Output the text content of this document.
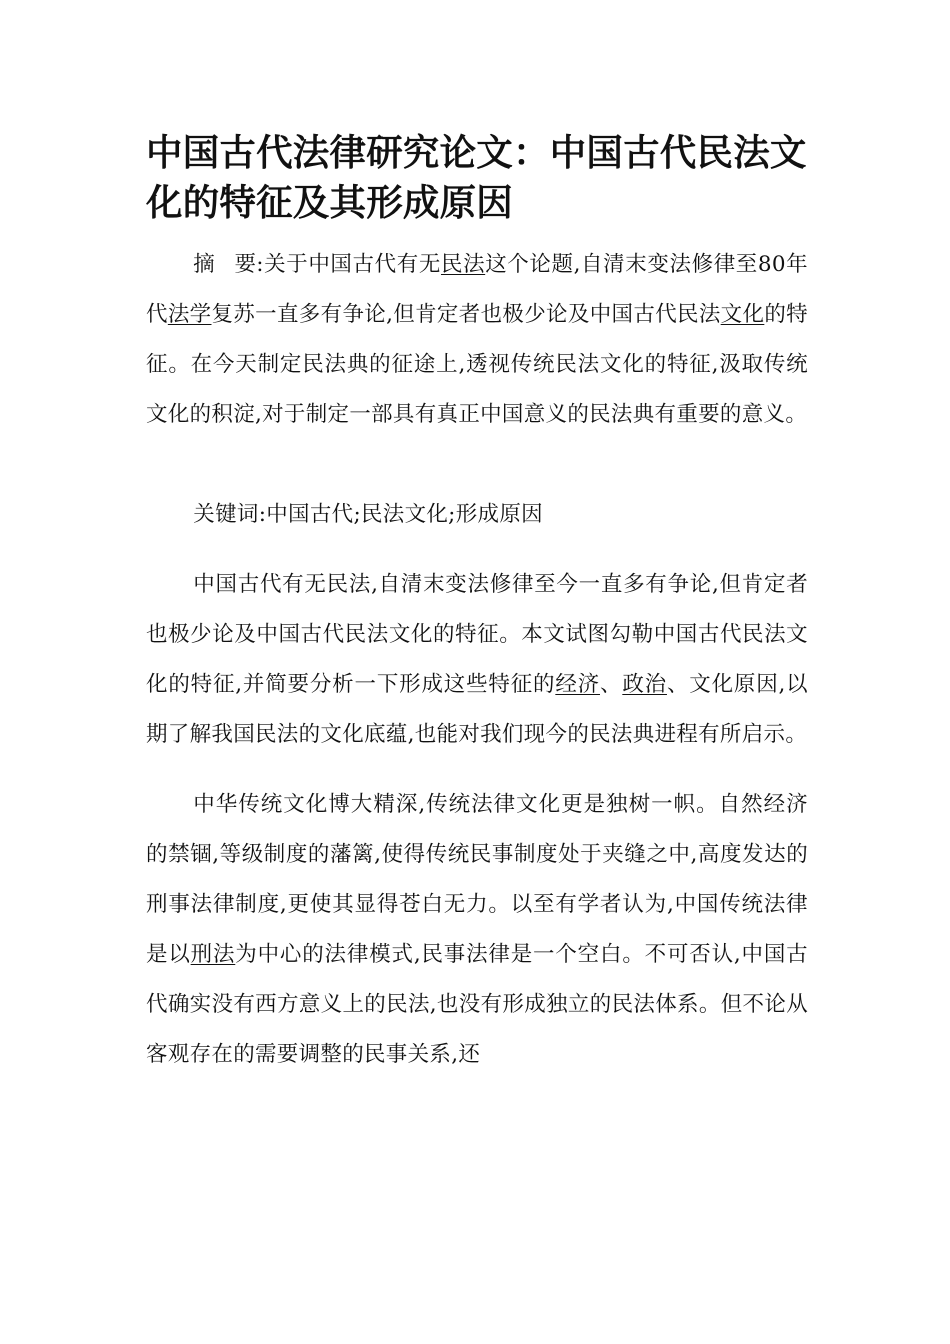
中国古代法律研究论文：中国古代民法文化的特征及其形成原因

摘要:关于中国古代有无民法这个论题,自清末变法修律至80年代法学复苏一直多有争论,但肯定者也极少论及中国古代民法文化的特征。在今天制定民法典的征途上,透视传统民法文化的特征,汲取传统文化的积淀,对于制定一部具有真正中国意义的民法典有重要的意义。

关键词:中国古代;民法文化;形成原因

中国古代有无民法,自清末变法修律至今一直多有争论,但肯定者也极少论及中国古代民法文化的特征。本文试图勾勒中国古代民法文化的特征,并简要分析一下形成这些特征的经济、政治、文化原因,以期了解我国民法的文化底蕴,也能对我们现今的民法典进程有所启示。

中华传统文化博大精深,传统法律文化更是独树一帜。自然经济的禁锢,等级制度的藩篱,使得传统民事制度处于夹缝之中,高度发达的刑事法律制度,更使其显得苍白无力。以至有学者认为,中国传统法律是以刑法为中心的法律模式,民事法律是一个空白。不可否认,中国古代确实没有西方意义上的民法,也没有形成独立的民法体系。但不论从客观存在的需要调整的民事关系,还
